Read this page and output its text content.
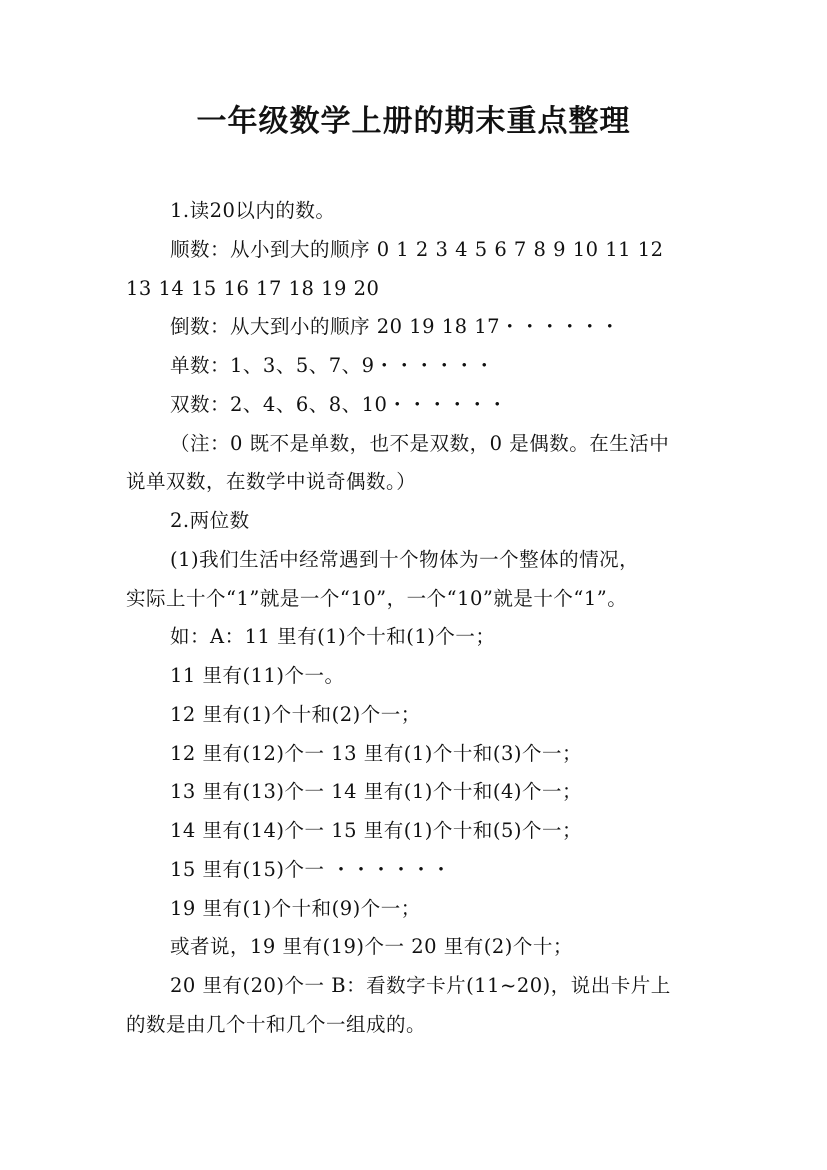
一年级数学上册的期末重点整理
1.读20以内的数。
顺数：从小到大的顺序 0 1 2 3 4 5 6 7 8 9 10 11 12
13 14 15 16 17 18 19 20
倒数：从大到小的顺序 20 19 18 17・・・・・・
单数：1、3、5、7、9・・・・・・
双数：2、4、6、8、10・・・・・・
（注：0 既不是单数，也不是双数，0 是偶数。在生活中
说单双数，在数学中说奇偶数。）
2.两位数
(1)我们生活中经常遇到十个物体为一个整体的情况，
实际上十个“1”就是一个“10”，一个“10”就是十个“1”。
如：A：11 里有(1)个十和(1)个一；
11 里有(11)个一。
12 里有(1)个十和(2)个一；
12 里有(12)个一 13 里有(1)个十和(3)个一；
13 里有(13)个一 14 里有(1)个十和(4)个一；
14 里有(14)个一 15 里有(1)个十和(5)个一；
15 里有(15)个一 ・・・・・・
19 里有(1)个十和(9)个一；
或者说，19 里有(19)个一 20 里有(2)个十；
20 里有(20)个一 B：看数字卡片(11~20)，说出卡片上
的数是由几个十和几个一组成的。
